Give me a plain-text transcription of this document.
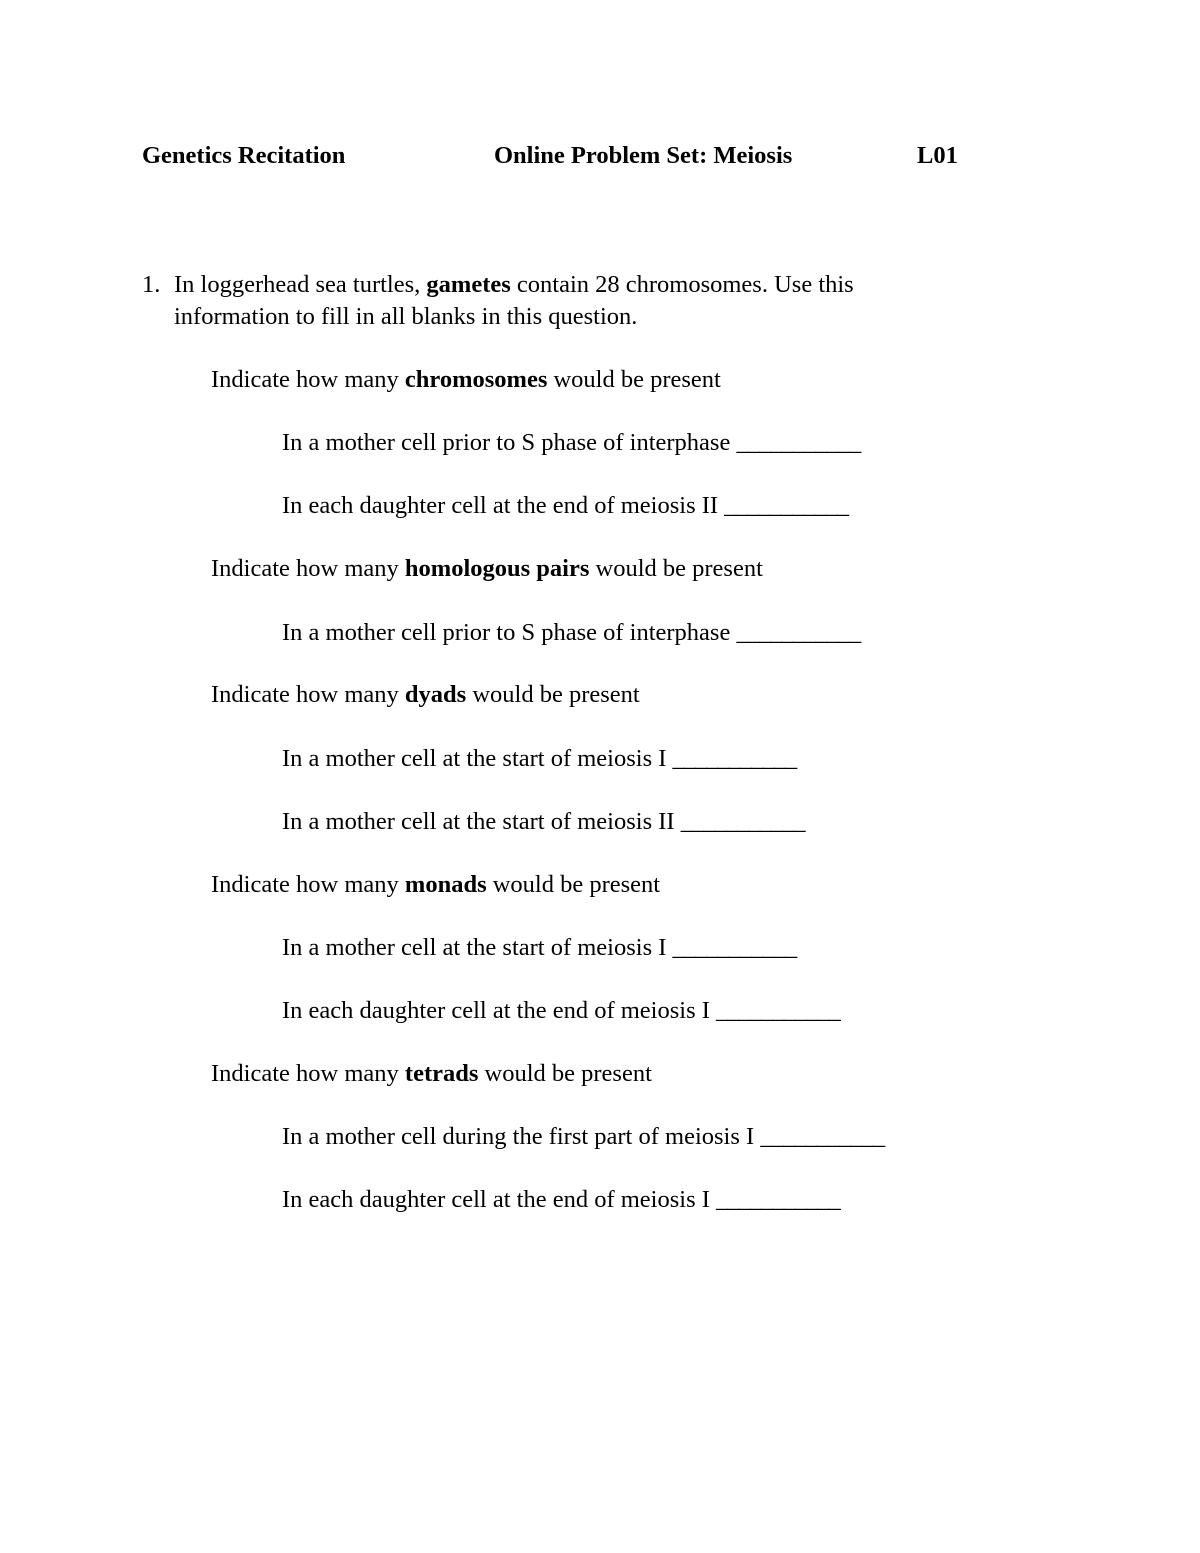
Genetics Recitation	Online Problem Set: Meiosis	L01
1. In loggerhead sea turtles, gametes contain 28 chromosomes. Use this
information to fill in all blanks in this question.
Indicate how many chromosomes would be present
In a mother cell prior to S phase of interphase ___________
In each daughter cell at the end of meiosis II ___________
Indicate how many homologous pairs would be present
In a mother cell prior to S phase of interphase ___________
Indicate how many dyads would be present
In a mother cell at the start of meiosis I ___________
In a mother cell at the start of meiosis II ___________
Indicate how many monads would be present
In a mother cell at the start of meiosis I ___________
In each daughter cell at the end of meiosis I ___________
Indicate how many tetrads would be present
In a mother cell during the first part of meiosis I ___________
In each daughter cell at the end of meiosis I ___________
